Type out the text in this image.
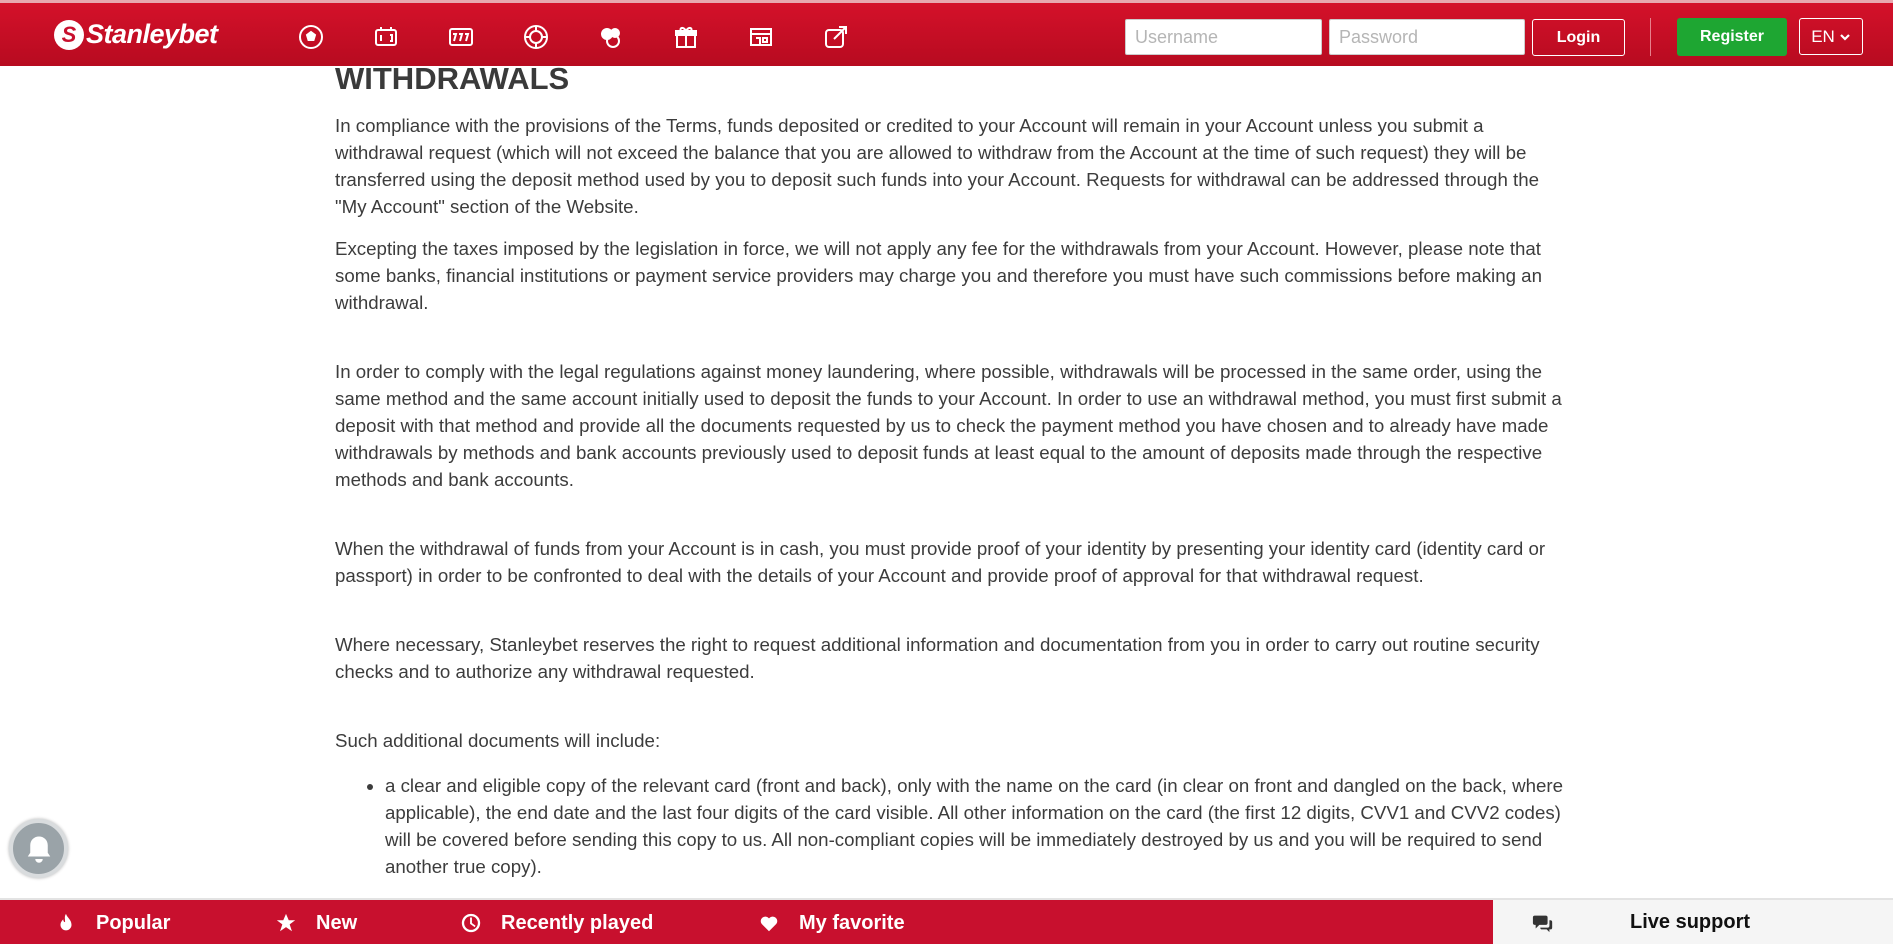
S Stanleybet
Username	Login	Register	EN
WITHDRAWALS

In compliance with the provisions of the Terms, funds deposited or credited to your Account will remain in your Account unless you submit a withdrawal request (which will not exceed the balance that you are allowed to withdraw from the Account at the time of such request) they will be transferred using the deposit method used by you to deposit such funds into your Account. Requests for withdrawal can be addressed through the "My Account" section of the Website.

Excepting the taxes imposed by the legislation in force, we will not apply any fee for the withdrawals from your Account. However, please note that some banks, financial institutions or payment service providers may charge you and therefore you must have such commissions before making an withdrawal.

In order to comply with the legal regulations against money laundering, where possible, withdrawals will be processed in the same order, using the same method and the same account initially used to deposit the funds to your Account. In order to use an withdrawal method, you must first submit a deposit with that method and provide all the documents requested by us to check the payment method you have chosen and to already have made withdrawals by methods and bank accounts previously used to deposit funds at least equal to the amount of deposits made through the respective methods and bank accounts.

When the withdrawal of funds from your Account is in cash, you must provide proof of your identity by presenting your identity card (identity card or passport) in order to be confronted to deal with the details of your Account and provide proof of approval for that withdrawal request.

Where necessary, Stanleybet reserves the right to request additional information and documentation from you in order to carry out routine security checks and to authorize any withdrawal requested.

Such additional documents will include:

• a clear and eligible copy of the relevant card (front and back), only with the name on the card (in clear on front and dangled on the back, where applicable), the end date and the last four digits of the card visible. All other information on the card (the first 12 digits, CVV1 and CVV2 codes) will be covered before sending this copy to us. All non-compliant copies will be immediately destroyed by us and you will be required to send another true copy).
Popular	New	Recently played	My favorite	Live support
